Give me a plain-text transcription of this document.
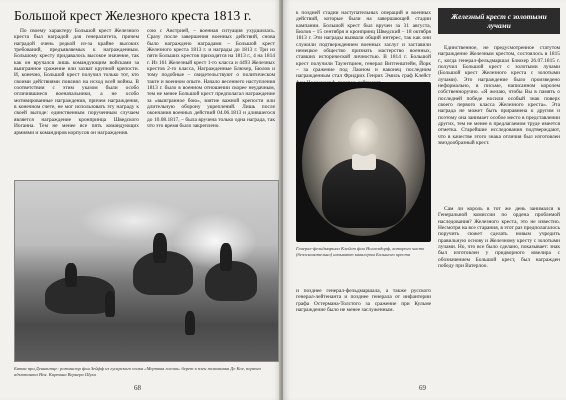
Большой крест Железного креста 1813 г.

По своему характеру Большой крест Железного креста был наградой для генералитета, причем наградой очень редкой из-за крайне высоких требований, предъявляемых к награжденным. Большому кресту придавалось высокое значение, так как он вручался лишь командующим войсками за выигранное сражение или захват крупной крепости. И, конечно, Большой крест получил только тот, кто своими действиями повлиял на исход всей войны. В соответствии с этим указом были особо отличившиеся военачальники, а не особо мотивированные награждения, причем награждения, в конечном счете, не мог использовать эту награду к своей выгоде: единственным порученным случаем является награждение кронпринца Шведского Иоганна. Тем не менее все пять командующих армиями и командиров корпусов он награждения.

сою с Австрией, – военная ситуация ухудшилась. Сразу после завершения военных действий, снова было награждено наградами – Большой крест Железного креста 1813 г. и награды до 1813 г. Три из пяти Больших крестов приходятся на 1813 г., 4 на 1814 г. Из 161 Железный крест 1-го класса и 4493 Железных крестов 2-го класса, Награжденные Блюхер, Бюлов и тому подобные – свидетельствуют о политическом такте и военном опыте. Начало весеннего наступления 1813 г. было в военном отношении скорее неудачным, тем не менее Большой крест предполагал награждение за «выигранное бою», взятие важной крепости или длительную оборону укреплений. Лишь после окончания военных действий 04.06.1813 и длившегося до 10.08.1817, – была вручена только одна награда, так что это время было закреплено.

Битва при Деннвитце: ротмистр фон Зейфф из гусарского полка «Мертвая голова» берет в плен полковника Де Кое, первого адъютанта Нея. Картина Вернера Шуха
68

к поздней стадии наступательных операций и военных действий, которые были на завершающей стадии кампании. Большой крест был вручен за 31 августа, Бюлов – 15 сентября и кронпринц Шведский – 18 октября 1813 г. Эти награды вызвали общий интерес, так как они служили подтверждением военных заслуг и заставили немецкое общество признать мастерство военных, ставших исторической личностью. В 1814 г. Большой крест получили Тауэнтциен, генерал Витгенштейн, Йорк – за сражение под Лаоном и наконец последним награжденным стал Фридрих Генрих Эмиль граф Клейст

Железный крест с золотыми лучами

Единственное, не предусмотренное статутом награждение Железным крестом, состоялось в 1815 г., когда генерал-фельдмаршал Блюхер 26.07.1815 г. получил Большой крест с золотыми лучами (Большой крест Железного креста с золотыми лучами). Это награждение было произведено неформально, в письме, написанном королем собственноручно. «Я желаю, чтобы Вы в память о последней победе носили особый знак поверх своего первого класса Железного креста». Эта награда не может быть приравнена к другим и поэтому она занимает особое место в представлении других, тем не менее в предлагаемом труде имеется отметка. Старейшие исследования подтверждают, что в качестве этого знака отличия был изготовлен звездообразный крест.

Генерал-фельдмаршал Клейст фон Ноллендорф, которого часто (безосновательно) называют кавалером Большого креста

и позднее генерал-фельдмаршала, а также русского генерал-лейтенанта и позднее генерала от инфантерии графа Остермана-Толстого за сражение при Кульме награждение было не менее заслуженным.

Сам ли король в тот же день занимался в Генеральной комиссии по ордена проблемой наследования? Железного креста, это не известно. Несмотря на все старания, в этот раз предполагалось поручить сюжет сделать новым учредить правильную основу и Железному кресту с золотыми лучами. Но, что все было сделано, показывает: знак был изготовлен у придворного ювелира с обозначением Большой крест, был награжден победу при Ватерлоо.

69
